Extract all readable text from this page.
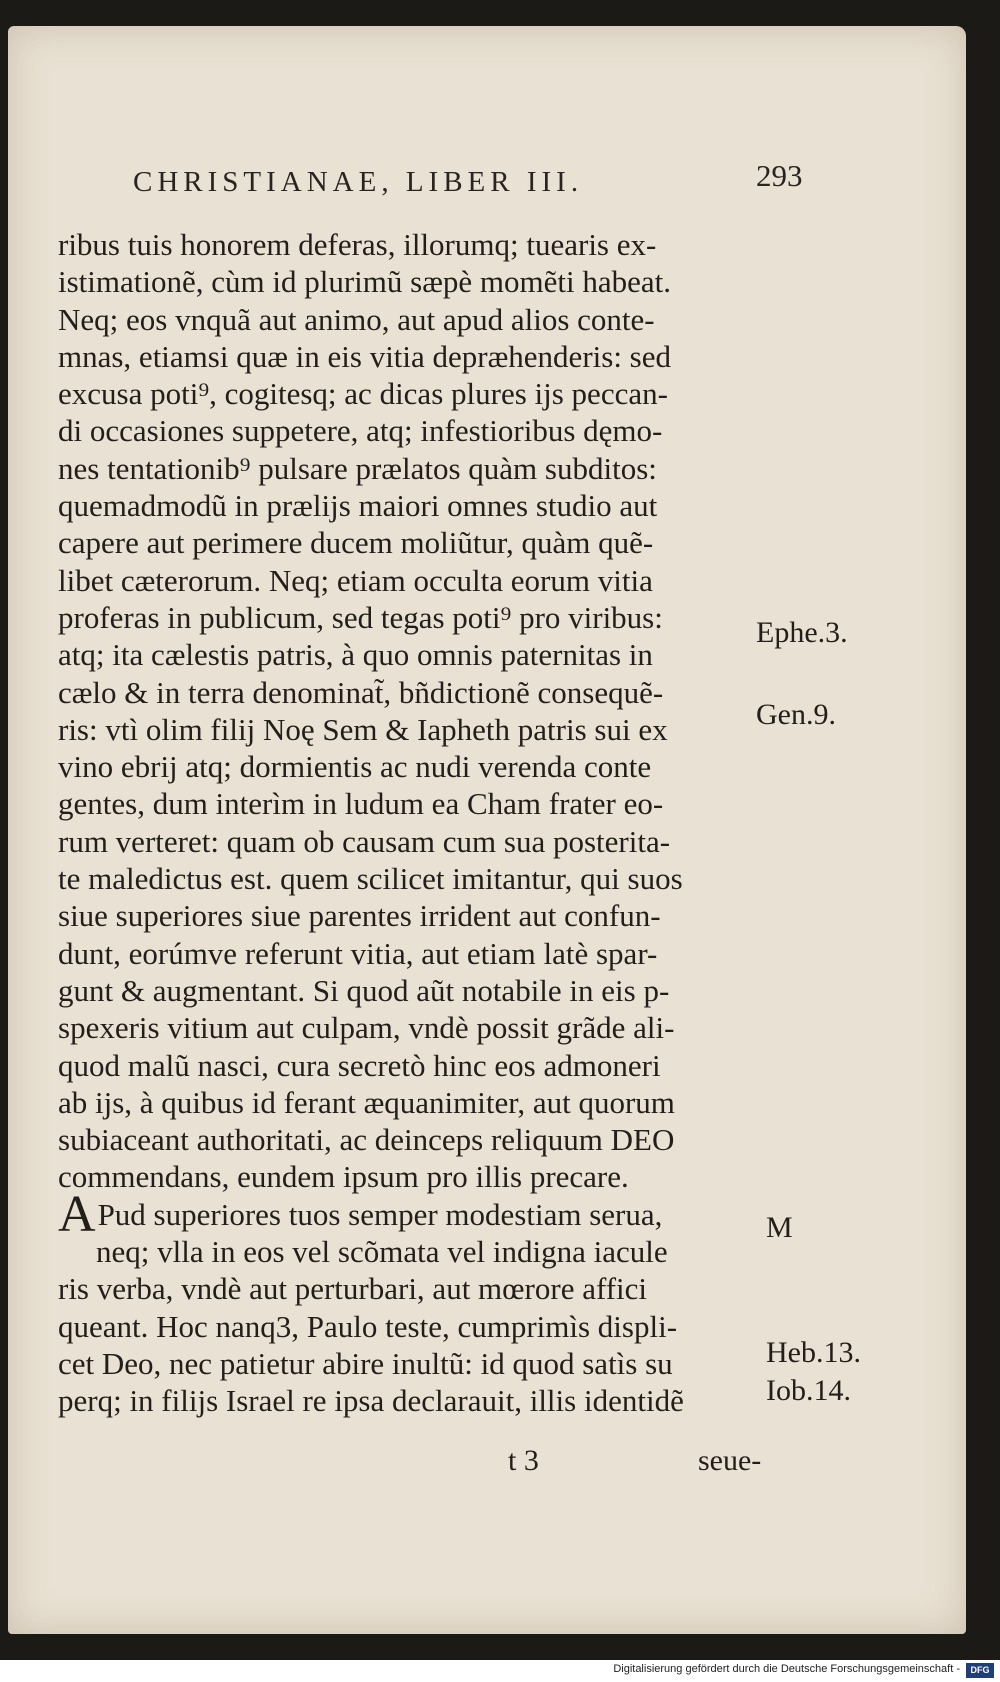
CHRISTIANAE, LIBER III.	293
ribus tuis honorem deferas, illorumq; tuearis ex-
istimationẽ, cùm id plurimũ sæpè momẽti habeat.
Neq; eos vnquã aut animo, aut apud alios conte-
mnas, etiamsi quæ in eis vitia depræhenderis: sed
excusa poti⁹, cogitesq; ac dicas plures ijs peccan-
di occasiones suppetere, atq; infestioribus dęmo-
nes tentationib⁹ pulsare prælatos quàm subditos:
quemadmodũ in prælijs maiori omnes studio aut
capere aut perimere ducem moliũtur, quàm quẽ-
libet cæterorum. Neq; etiam occulta eorum vitia
proferas in publicum, sed tegas poti⁹ pro viribus:
atq; ita cælestis patris, à quo omnis paternitas in
cælo & in terra denominat̃, bñdictionẽ consequẽ-
ris: vtì olim filij Noę Sem & Iapheth patris sui ex
vino ebrij atq; dormientis ac nudi verenda conte
gentes, dum interìm in ludum ea Cham frater eo-
rum verteret: quam ob causam cum sua posterita-
te maledictus est. quem scilicet imitantur, qui suos
siue superiores siue parentes irrident aut confun-
dunt, eorúmve referunt vitia, aut etiam latè spar-
gunt & augmentant. Si quod aũt notabile in eis p-
spexeris vitium aut culpam, vndè possit grãde ali-
quod malũ nasci, cura secretò hinc eos admoneri
ab ijs, à quibus id ferant æquanimiter, aut quorum
subiaceant authoritati, ac deinceps reliquum DEO
commendans, eundem ipsum pro illis precare.
APud superiores tuos semper modestiam serua,
neq; vlla in eos vel scõmata vel indigna iacule
ris verba, vndè aut perturbari, aut mœrore affici
queant. Hoc nanq3, Paulo teste, cumprimìs displi-
cet Deo, nec patietur abire inultũ: id quod satìs su
perq; in filijs Israel re ipsa declarauit, illis identidẽ
Ephe.3.
Gen.9.
M
Heb.13.
Iob.14.
t 3	seue-
Digitalisierung gefördert durch die Deutsche Forschungsgemeinschaft -	DFG
